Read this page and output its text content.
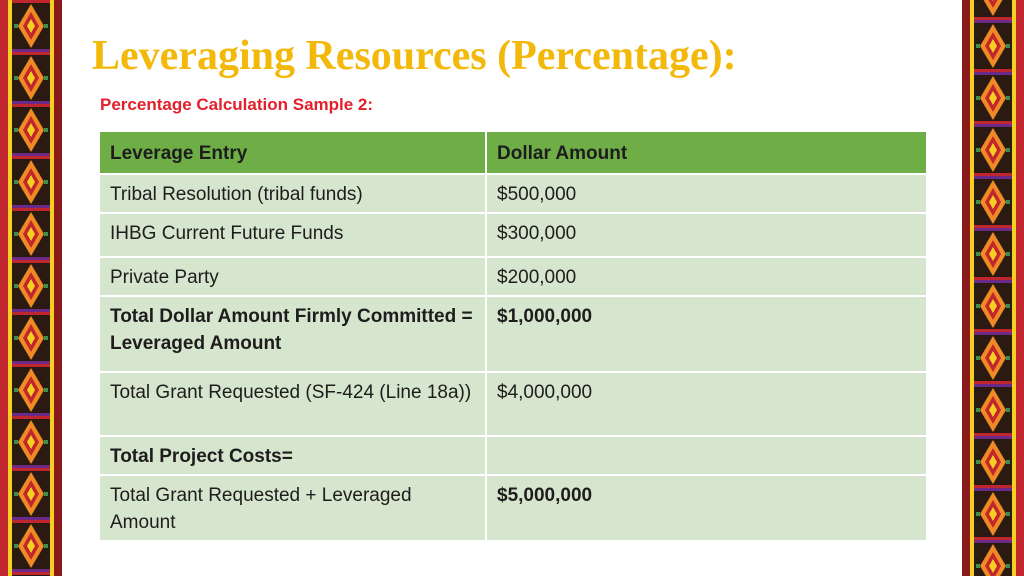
Leveraging Resources (Percentage):
Percentage Calculation Sample 2:
Leverage Entry	Dollar Amount
Tribal Resolution (tribal funds)	$500,000
IHBG Current Future Funds	$300,000
Private Party	$200,000
Total Dollar Amount Firmly Committed = Leveraged Amount	$1,000,000
Total Grant Requested (SF-424 (Line 18a))	$4,000,000
Total Project Costs=	
Total Grant Requested + Leveraged Amount	$5,000,000
